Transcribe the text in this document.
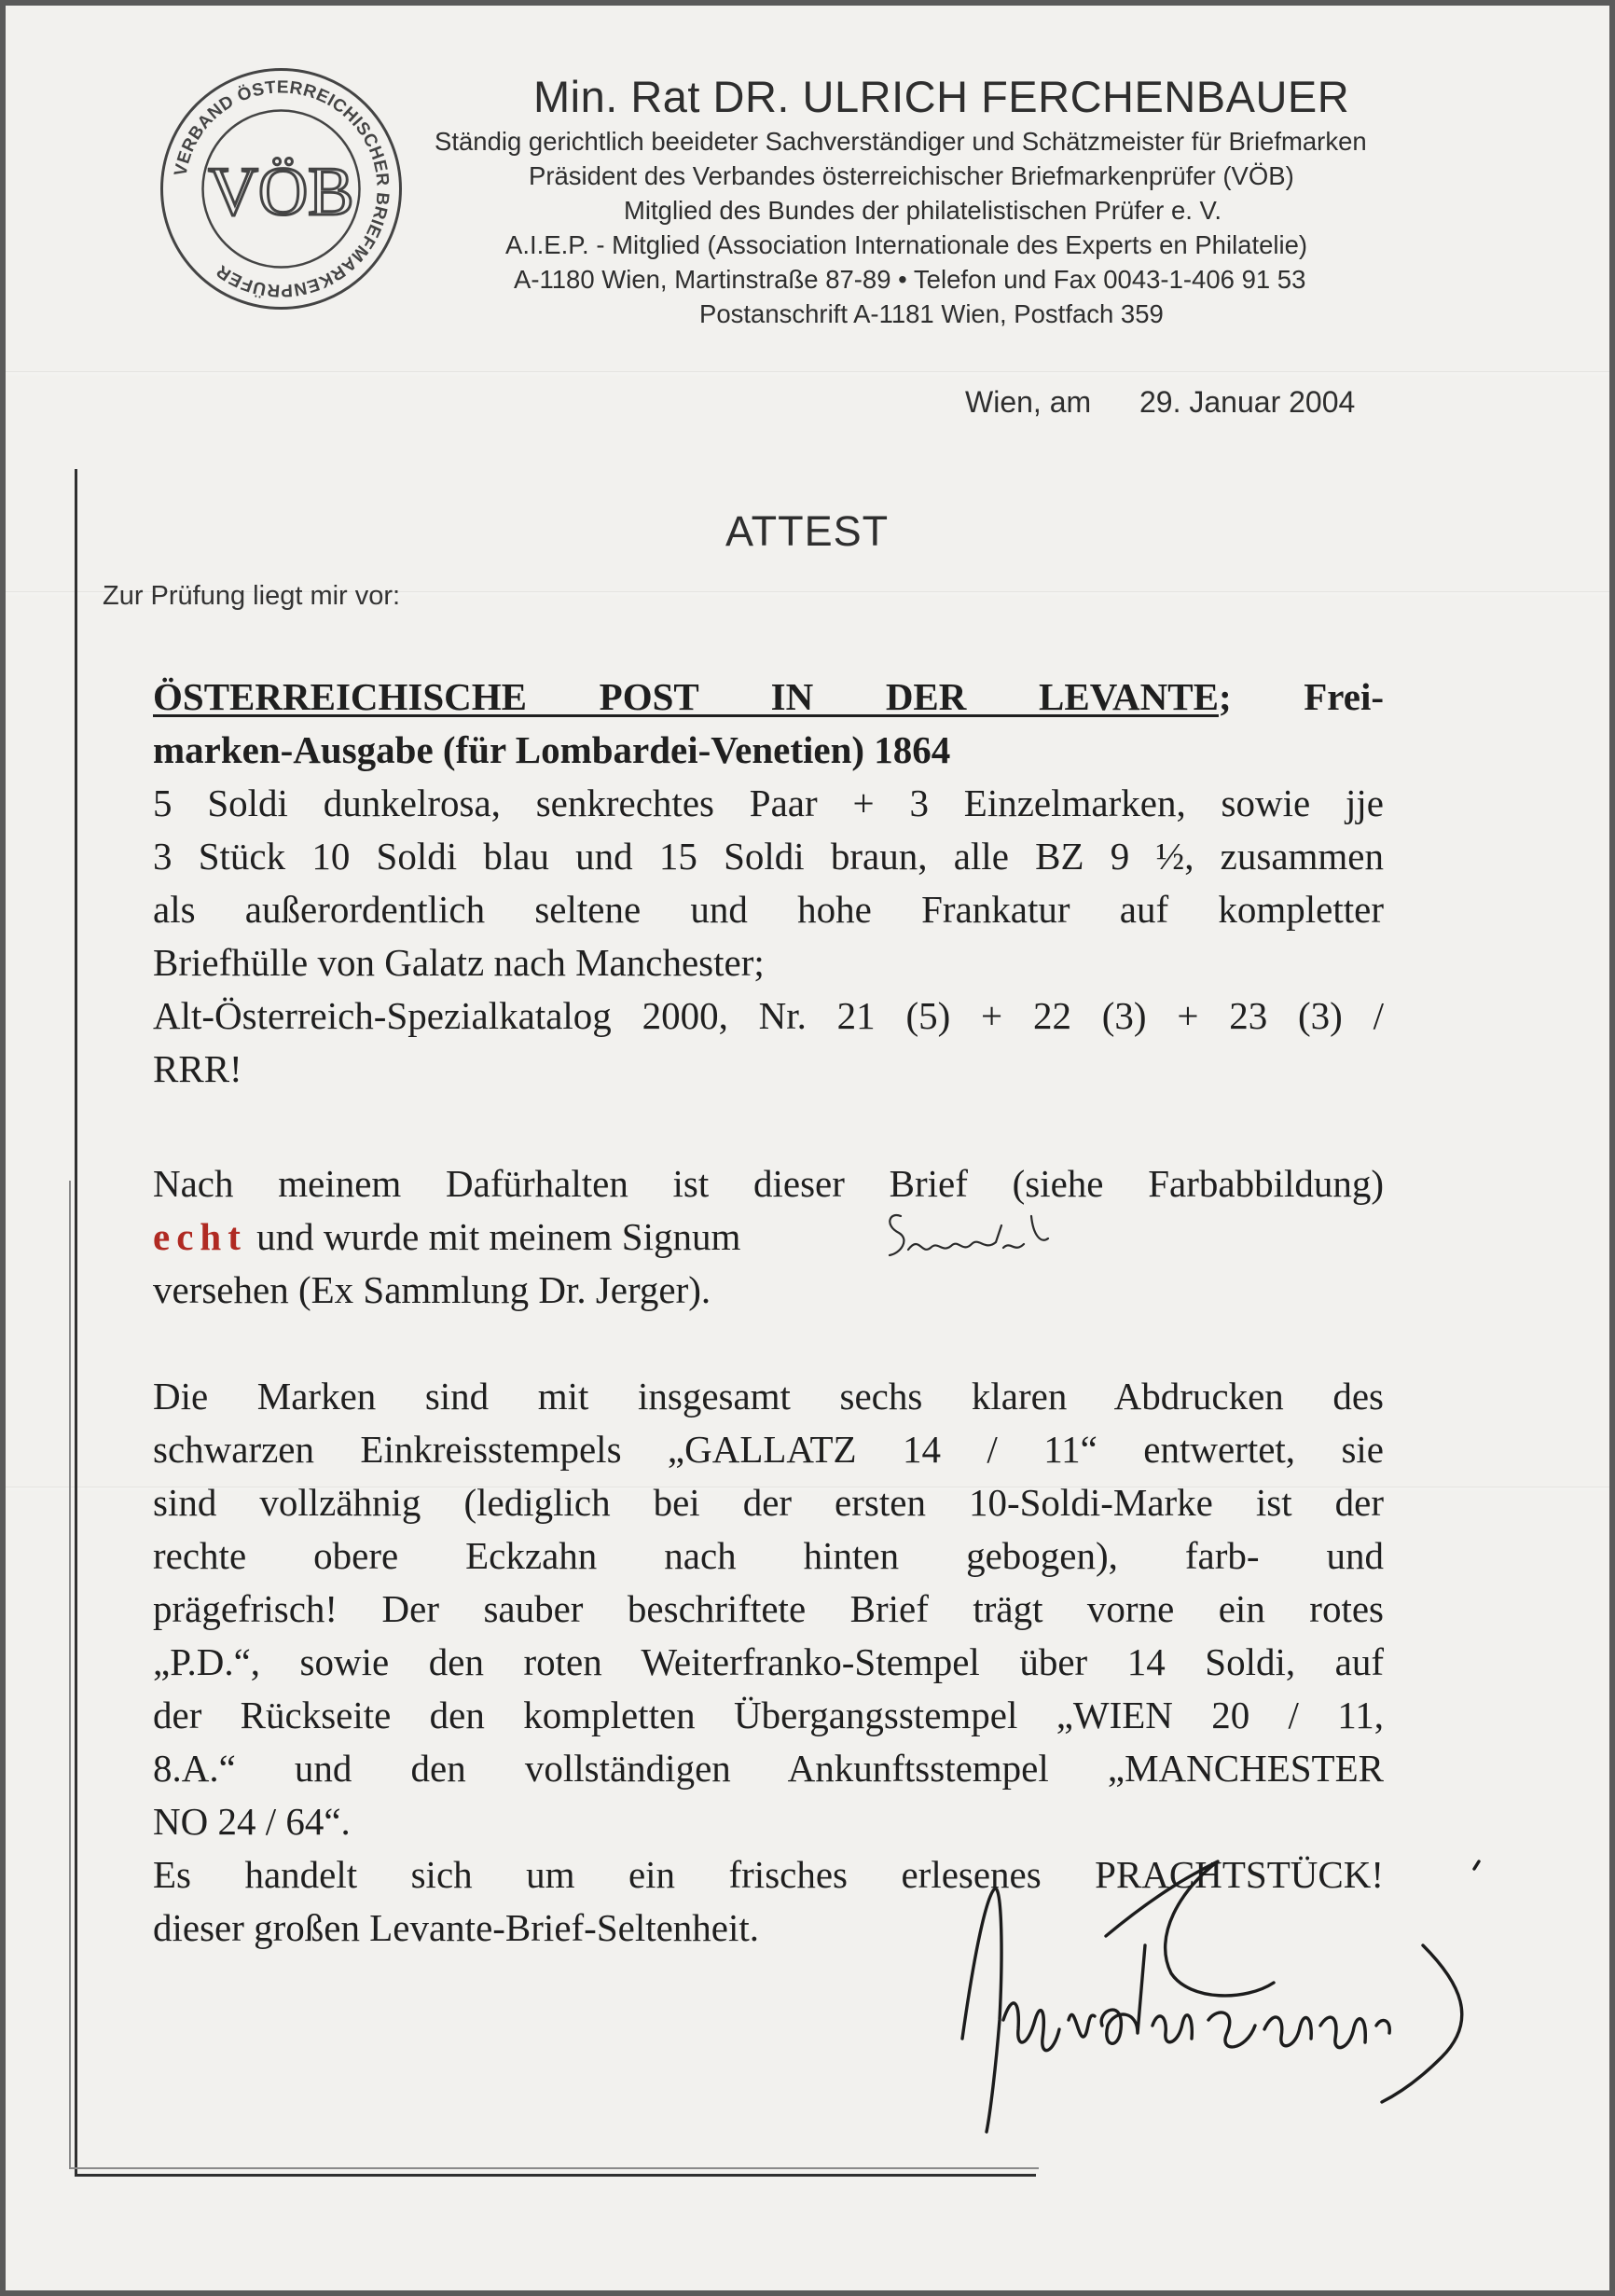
VERBAND ÖSTERREICHISCHER BRIEFMARKENPRÜFER
VÖB
Min. Rat DR. ULRICH FERCHENBAUER
Ständig gerichtlich beeideter Sachverständiger und Schätzmeister für Briefmarken
Präsident des Verbandes österreichischer Briefmarkenprüfer (VÖB)
Mitglied des Bundes der philatelistischen Prüfer e. V.
A.I.E.P. - Mitglied (Association Internationale des Experts en Philatelie)
A-1180 Wien, Martinstraße 87-89 • Telefon und Fax 0043-1-406 91 53
Postanschrift A-1181 Wien, Postfach 359
Wien, am 29. Januar 2004
ATTEST
Zur Prüfung liegt mir vor:
ÖSTERREICHISCHE POST IN DER LEVANTE; Frei-
marken-Ausgabe (für Lombardei-Venetien) 1864
5 Soldi dunkelrosa, senkrechtes Paar + 3 Einzelmarken, sowie jje
3 Stück 10 Soldi blau und 15 Soldi braun, alle BZ 9 ½, zusammen
als außerordentlich seltene und hohe Frankatur auf kompletter
Briefhülle von Galatz nach Manchester;
Alt-Österreich-Spezialkatalog 2000, Nr. 21 (5) + 22 (3) + 23 (3) /
RRR!
Nach meinem Dafürhalten ist dieser Brief (siehe Farbabbildung)
echt und wurde mit meinem Signum
versehen (Ex Sammlung Dr. Jerger).
Die Marken sind mit insgesamt sechs klaren Abdrucken des
schwarzen Einkreisstempels „GALLATZ 14 / 11“ entwertet, sie
sind vollzähnig (lediglich bei der ersten 10-Soldi-Marke ist der
rechte obere Eckzahn nach hinten gebogen), farb- und
prägefrisch! Der sauber beschriftete Brief trägt vorne ein rotes
„P.D.“, sowie den roten Weiterfranko-Stempel über 14 Soldi, auf
der Rückseite den kompletten Übergangsstempel „WIEN 20 / 11,
8.A.“ und den vollständigen Ankunftsstempel „MANCHESTER
NO 24 / 64“.
Es handelt sich um ein frisches erlesenes PRACHTSTÜCK!
dieser großen Levante-Brief-Seltenheit.
